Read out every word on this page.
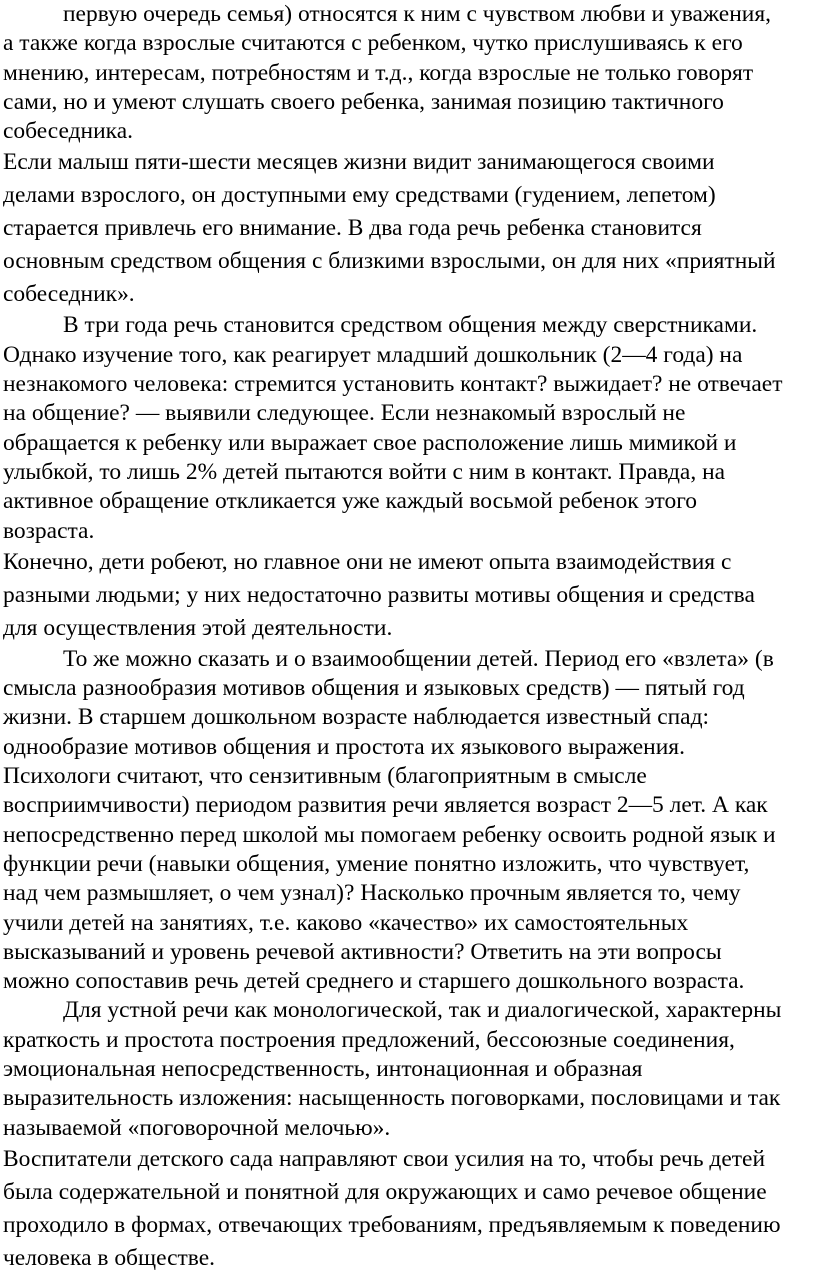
первую очередь семья) относятся к ним с чувством любви и уважения,
а также когда взрослые считаются с ребенком, чутко прислушиваясь к его
мнению, интересам, потребностям и т.д., когда взрослые не только говорят
сами, но и умеют слушать своего ребенка, занимая позицию тактичного
собеседника.
Если малыш пяти-шести месяцев жизни видит занимающегося своими
делами взрослого, он доступными ему средствами (гудением, лепетом)
старается привлечь его внимание. В два года речь ребенка становится
основным средством общения с близкими взрослыми, он для них «приятный
собеседник».
В три года речь становится средством общения между сверстниками.
Однако изучение того, как реагирует младший дошкольник (2—4 года) на
незнакомого человека: стремится установить контакт? выжидает? не отвечает
на общение? — выявили следующее. Если незнакомый взрослый не
обращается к ребенку или выражает свое расположение лишь мимикой и
улыбкой, то лишь 2% детей пытаются войти с ним в контакт. Правда, на
активное обращение откликается уже каждый восьмой ребенок этого
возраста.
Конечно, дети робеют, но главное они не имеют опыта взаимодействия с
разными людьми; у них недостаточно развиты мотивы общения и средства
для осуществления этой деятельности.
То же можно сказать и о взаимообщении детей. Период его «взлета» (в
смысла разнообразия мотивов общения и языковых средств) — пятый год
жизни. В старшем дошкольном возрасте наблюдается известный спад:
однообразие мотивов общения и простота их языкового выражения.
Психологи считают, что сензитивным (благоприятным в смысле
восприимчивости) периодом развития речи является возраст 2—5 лет. А как
непосредственно перед школой мы помогаем ребенку освоить родной язык и
функции речи (навыки общения, умение понятно изложить, что чувствует,
над чем размышляет, о чем узнал)? Насколько прочным является то, чему
учили детей на занятиях, т.е. каково «качество» их самостоятельных
высказываний и уровень речевой активности? Ответить на эти вопросы
можно сопоставив речь детей среднего и старшего дошкольного возраста.
Для устной речи как монологической, так и диалогической, характерны
краткость и простота построения предложений, бессоюзные соединения,
эмоциональная непосредственность, интонационная и образная
выразительность изложения: насыщенность поговорками, пословицами и так
называемой «поговорочной мелочью».
Воспитатели детского сада направляют свои усилия на то, чтобы речь детей
была содержательной и понятной для окружающих и само речевое общение
проходило в формах, отвечающих требованиям, предъявляемым к поведению
человека в обществе.
